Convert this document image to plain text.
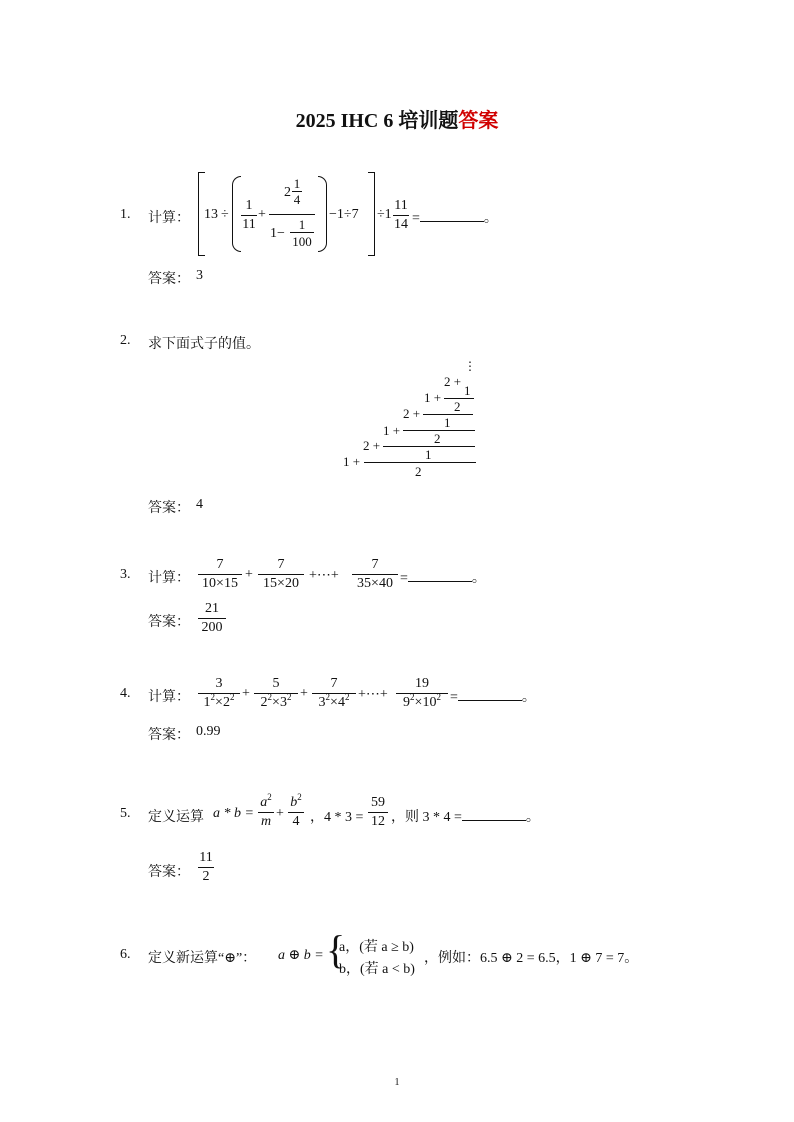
2025 IHC 6 培训题答案
1. 计算： 13 ÷
1
11
+
2
1
4
1−
1
100
−1÷7 ÷1
11
14 =	。
答案： 3
2. 求下面式子的值。
⋮
2 +
1
1 +
2
2 +
1
1 +
2
2 +
1
1 +
2
答案： 4
3. 计算：
7
10×15
+
7
15×20
+⋯+
7
35×40 =	。
答案：
21
200
4. 计算：
3
$1^2\times 2^2$ +
5
$2^2\times 3^2$ +
7
$3^2\times 4^2$ +⋯+
19
$9^2\times 10^2$ =	。
答案： 0.99
5. 定义运算 a * b =
$a^2$
m
+
$b^2$
4 ，4 * 3 =
59
12 ，则 3 * 4 =	。
答案：
11
2
6. 定义新运算“⊕”： a ⊕ b = {
a，(若 a ≥ b)
b，(若 a < b)
，例如：6.5 ⊕ 2 = 6.5，1 ⊕ 7 = 7。
1
